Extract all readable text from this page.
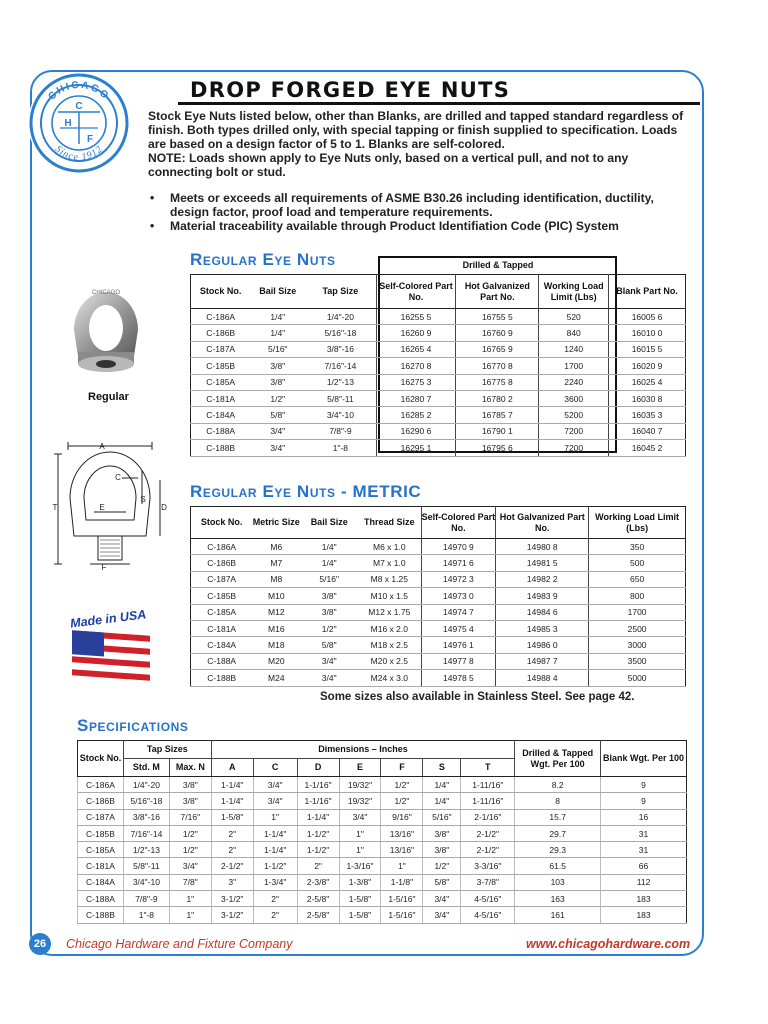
CHICAGO
Since 1912
C
H
F
DROP FORGED EYE NUTS

Stock Eye Nuts listed below, other than Blanks, are drilled and tapped standard regardless of finish. Both types drilled only, with special tapping or finish supplied to specification. Loads are based on a design factor of 5 to 1. Blanks are self-colored.

NOTE: Loads shown apply to Eye Nuts only, based on a vertical pull, and not to any connecting bolt or stud.

• Meets or exceeds all requirements of ASME B30.26 including identification, ductility, design factor, proof load and temperature requirements.
• Material traceability available through Product Identifiation Code (PIC) System
CHICAGO
Regular
A
C
S
D
T	E
F
Made in USA
Regular Eye Nuts	Drilled & Tapped
Stock No.	Bail Size	Tap Size	Self-Colored Part No.	Hot Galvanized Part No.	Working Load Limit (Lbs)	Blank Part No.
C-186A	1/4"	1/4"-20	16255 5	16755 5	520	16005 6
C-186B	1/4"	5/16"-18	16260 9	16760 9	840	16010 0
C-187A	5/16"	3/8"-16	16265 4	16765 9	1240	16015 5
C-185B	3/8"	7/16"-14	16270 8	16770 8	1700	16020 9
C-185A	3/8"	1/2"-13	16275 3	16775 8	2240	16025 4
C-181A	1/2"	5/8"-11	16280 7	16780 2	3600	16030 8
C-184A	5/8"	3/4"-10	16285 2	16785 7	5200	16035 3
C-188A	3/4"	7/8"-9	16290 6	16790 1	7200	16040 7
C-188B	3/4"	1"-8	16295 1	16795 6	7200	16045 2
Regular Eye Nuts - METRIC
Stock No.	Metric Size	Bail Size	Thread Size	Self-Colored Part No.	Hot Galvanized Part No.	Working Load Limit (Lbs)
C-186A	M6	1/4"	M6 x 1.0	14970 9	14980 8	350
C-186B	M7	1/4"	M7 x 1.0	14971 6	14981 5	500
C-187A	M8	5/16"	M8 x 1.25	14972 3	14982 2	650
C-185B	M10	3/8"	M10 x 1.5	14973 0	14983 9	800
C-185A	M12	3/8"	M12 x 1.75	14974 7	14984 6	1700
C-181A	M16	1/2"	M16 x 2.0	14975 4	14985 3	2500
C-184A	M18	5/8"	M18 x 2.5	14976 1	14986 0	3000
C-188A	M20	3/4"	M20 x 2.5	14977 8	14987 7	3500
C-188B	M24	3/4"	M24 x 3.0	14978 5	14988 4	5000
Some sizes also available in Stainless Steel. See page 42.
Specifications
Stock No.	Tap Sizes		Dimensions – Inches							Drilled & Tapped Wgt. Per 100	Blank Wgt. Per 100
	Std. M	Max. N	A	C	D	E	F	S	T		
C-186A	1/4"-20	3/8"	1-1/4"	3/4"	1-1/16"	19/32"	1/2"	1/4"	1-11/16"	8.2	9
C-186B	5/16"-18	3/8"	1-1/4"	3/4"	1-1/16"	19/32"	1/2"	1/4"	1-11/16"	8	9
C-187A	3/8"-16	7/16"	1-5/8"	1"	1-1/4"	3/4"	9/16"	5/16"	2-1/16"	15.7	16
C-185B	7/16"-14	1/2"	2"	1-1/4"	1-1/2"	1"	13/16"	3/8"	2-1/2"	29.7	31
C-185A	1/2"-13	1/2"	2"	1-1/4"	1-1/2"	1"	13/16"	3/8"	2-1/2"	29.3	31
C-181A	5/8"-11	3/4"	2-1/2"	1-1/2"	2"	1-3/16"	1"	1/2"	3-3/16"	61.5	66
C-184A	3/4"-10	7/8"	3"	1-3/4"	2-3/8"	1-3/8"	1-1/8"	5/8"	3-7/8"	103	112
C-188A	7/8"-9	1"	3-1/2"	2"	2-5/8"	1-5/8"	1-5/16"	3/4"	4-5/16"	163	183
C-188B	1"-8	1"	3-1/2"	2"	2-5/8"	1-5/8"	1-5/16"	3/4"	4-5/16"	161	183
26	Chicago Hardware and Fixture Company	www.chicagohardware.com
